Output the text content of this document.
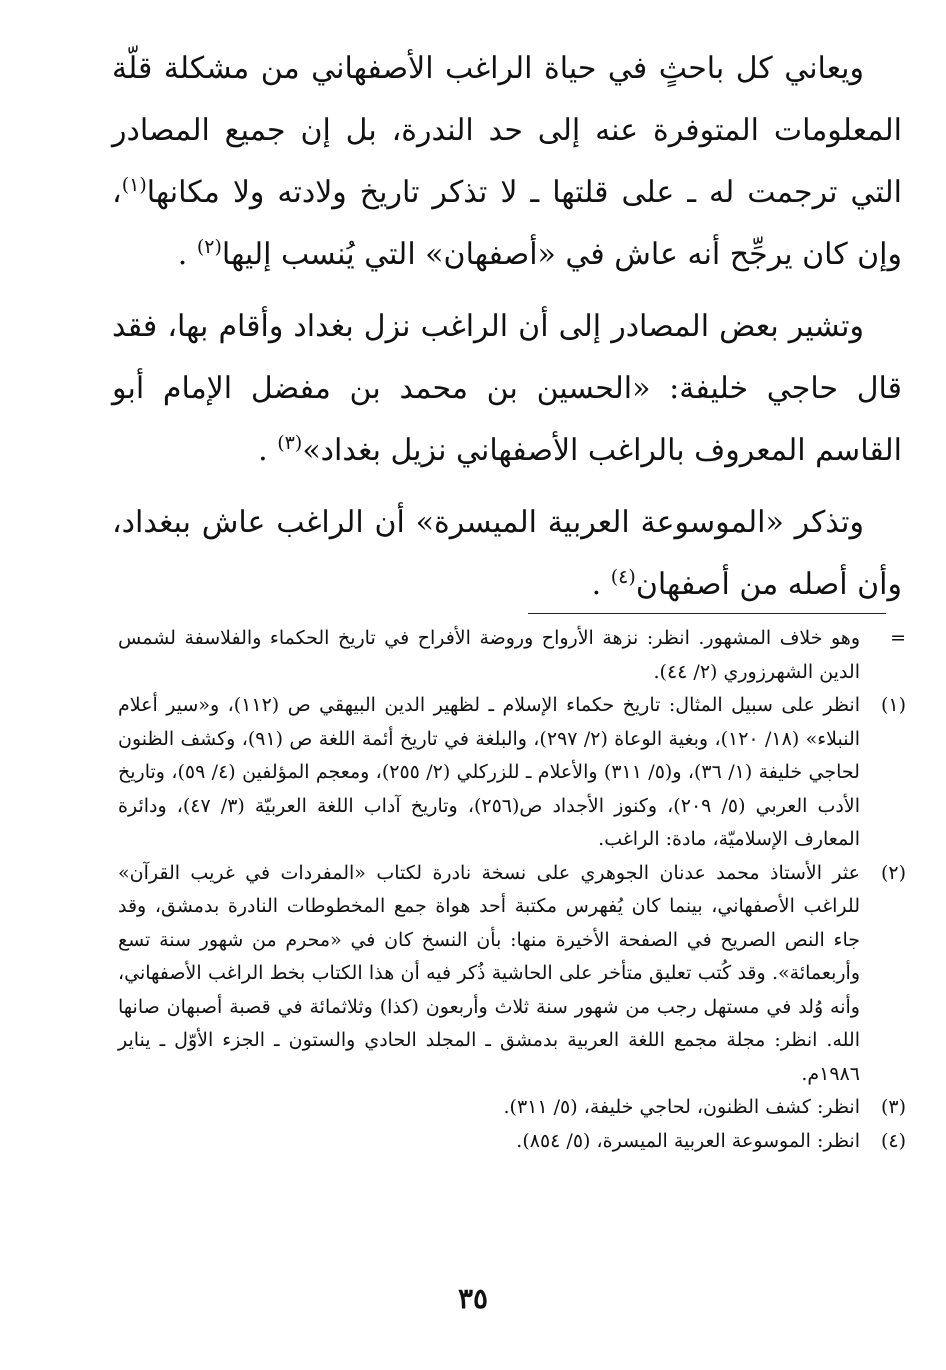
ويعاني كل باحثٍ في حياة الراغب الأصفهاني من مشكلة قلّة المعلومات المتوفرة عنه إلى حد الندرة، بل إن جميع المصادر التي ترجمت له ـ على قلتها ـ لا تذكر تاريخ ولادته ولا مكانها$^{(١)}$، وإن كان يرجِّح أنه عاش في «أصفهان» التي يُنسب إليها$^{(٢)}$ .

وتشير بعض المصادر إلى أن الراغب نزل بغداد وأقام بها، فقد قال حاجي خليفة: «الحسين بن محمد بن مفضل الإمام أبو القاسم المعروف بالراغب الأصفهاني نزيل بغداد»$^{(٣)}$ .

وتذكر «الموسوعة العربية الميسرة» أن الراغب عاش ببغداد، وأن أصله من أصفهان$^{(٤)}$ .

=
وهو خلاف المشهور. انظر: نزهة الأرواح وروضة الأفراح في تاريخ الحكماء والفلاسفة لشمس الدين الشهرزوري (٢/ ٤٤).

(١)
انظر على سبيل المثال: تاريخ حكماء الإسلام ـ لظهير الدين البيهقي ص (١١٢)، و«سير أعلام النبلاء» (١٨/ ١٢٠)، وبغية الوعاة (٢/ ٢٩٧)، والبلغة في تاريخ أئمة اللغة ص (٩١)، وكشف الظنون لحاجي خليفة (١/ ٣٦)، و(٥/ ٣١١) والأعلام ـ للزركلي (٢/ ٢٥٥)، ومعجم المؤلفين (٤/ ٥٩)، وتاريخ الأدب العربي (٥/ ٢٠٩)، وكنوز الأجداد ص(٢٥٦)، وتاريخ آداب اللغة العربيّة (٣/ ٤٧)، ودائرة المعارف الإسلاميّة، مادة: الراغب.

(٢)
عثر الأستاذ محمد عدنان الجوهري على نسخة نادرة لكتاب «المفردات في غريب القرآن» للراغب الأصفهاني، بينما كان يُفهرس مكتبة أحد هواة جمع المخطوطات النادرة بدمشق، وقد جاء النص الصريح في الصفحة الأخيرة منها: بأن النسخ كان في «محرم من شهور سنة تسع وأربعمائة». وقد كُتب تعليق متأخر على الحاشية ذُكر فيه أن هذا الكتاب بخط الراغب الأصفهاني، وأنه وُلد في مستهل رجب من شهور سنة ثلاث وأربعون (كذا) وثلاثمائة في قصبة أصبهان صانها الله. انظر: مجلة مجمع اللغة العربية بدمشق ـ المجلد الحادي والستون ـ الجزء الأوّل ـ يناير ١٩٨٦م.

(٣)
انظر: كشف الظنون، لحاجي خليفة، (٥/ ٣١١).

(٤)
انظر: الموسوعة العربية الميسرة، (٥/ ٨٥٤).

٣٥
